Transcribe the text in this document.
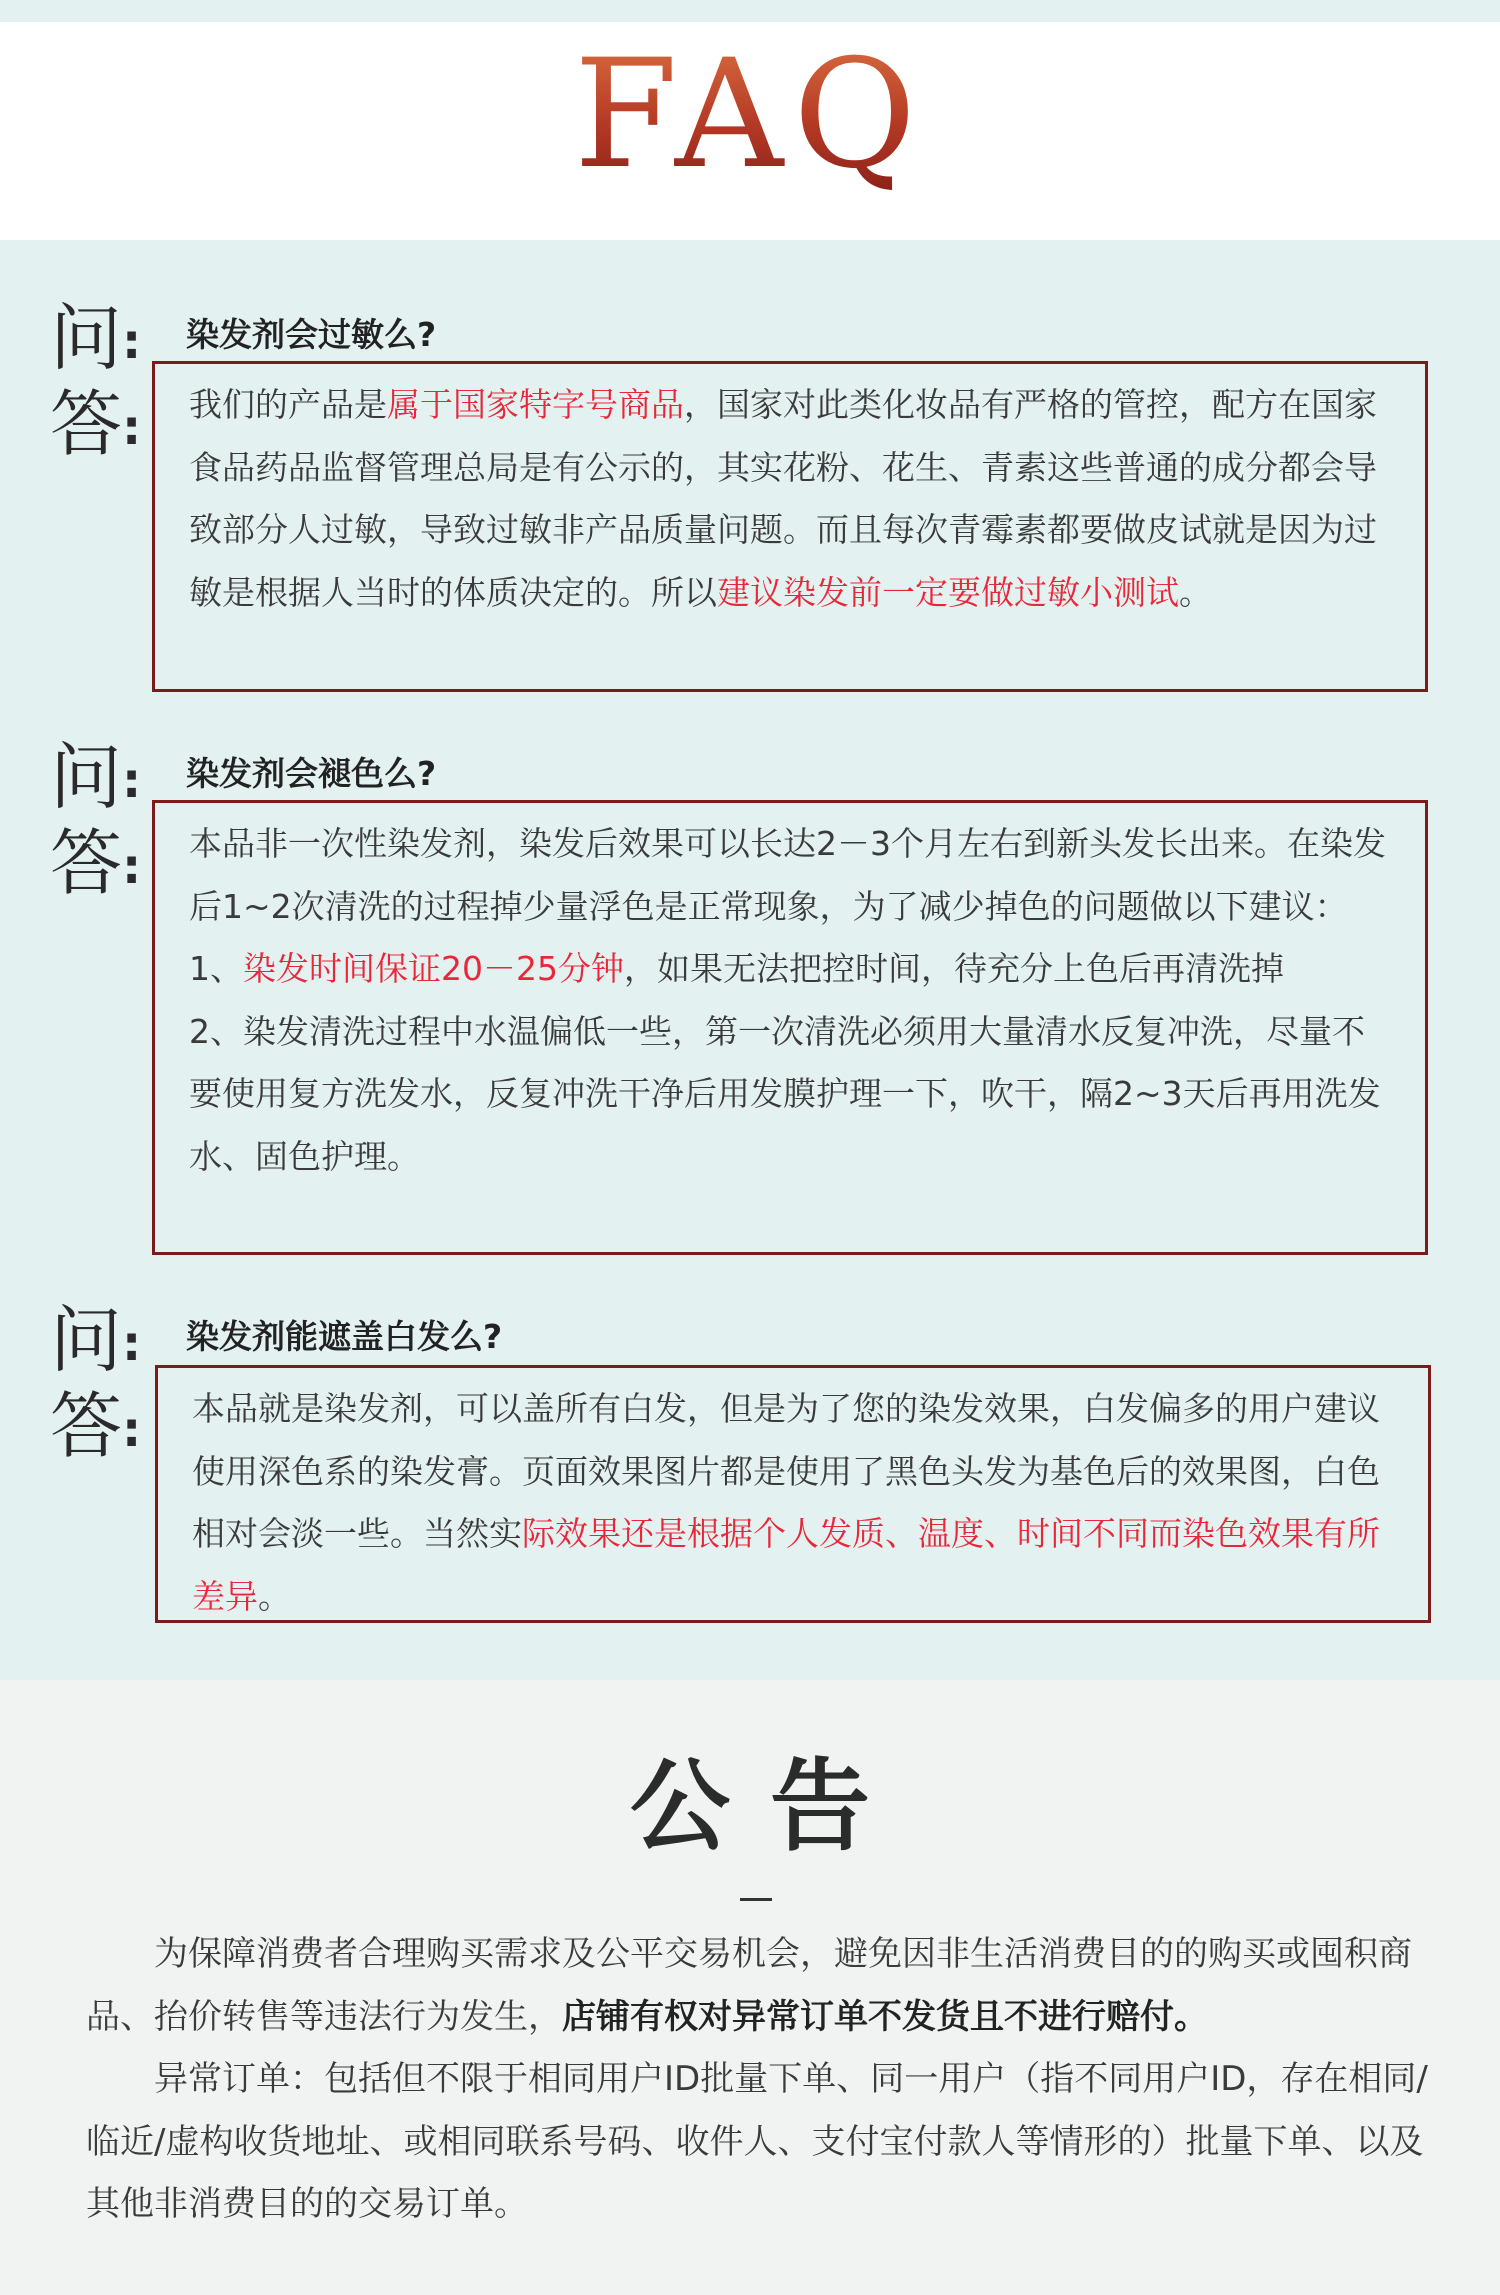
FAQ
问 : 染发剂会过敏么?
答 : 我们的产品是属于国家特字号商品，国家对此类化妆品有严格的管控，配方在国家食品药品监督管理总局是有公示的，其实花粉、花生、青素这些普通的成分都会导致部分人过敏，导致过敏非产品质量问题。而且每次青霉素都要做皮试就是因为过敏是根据人当时的体质决定的。所以建议染发前一定要做过敏小测试。

问 : 染发剂会褪色么?
答 : 本品非一次性染发剂，染发后效果可以长达2－3个月左右到新头发长出来。在染发后1~2次清洗的过程掉少量浮色是正常现象，为了减少掉色的问题做以下建议：

1、染发时间保证20－25分钟，如果无法把控时间，待充分上色后再清洗掉

2、染发清洗过程中水温偏低一些，第一次清洗必须用大量清水反复冲洗，尽量不要使用复方洗发水，反复冲洗干净后用发膜护理一下，吹干，隔2~3天后再用洗发水、固色护理。

问 : 染发剂能遮盖白发么?
答 : 本品就是染发剂，可以盖所有白发，但是为了您的染发效果，白发偏多的用户建议使用深色系的染发膏。页面效果图片都是使用了黑色头发为基色后的效果图，白色相对会淡一些。当然实际效果还是根据个人发质、温度、时间不同而染色效果有所差异。

公告

为保障消费者合理购买需求及公平交易机会，避免因非生活消费目的的购买或囤积商品、抬价转售等违法行为发生，店铺有权对异常订单不发货且不进行赔付。

异常订单：包括但不限于相同用户ID批量下单、同一用户（指不同用户ID，存在相同/临近/虚构收货地址、或相同联系号码、收件人、支付宝付款人等情形的）批量下单、以及其他非消费目的的交易订单。
